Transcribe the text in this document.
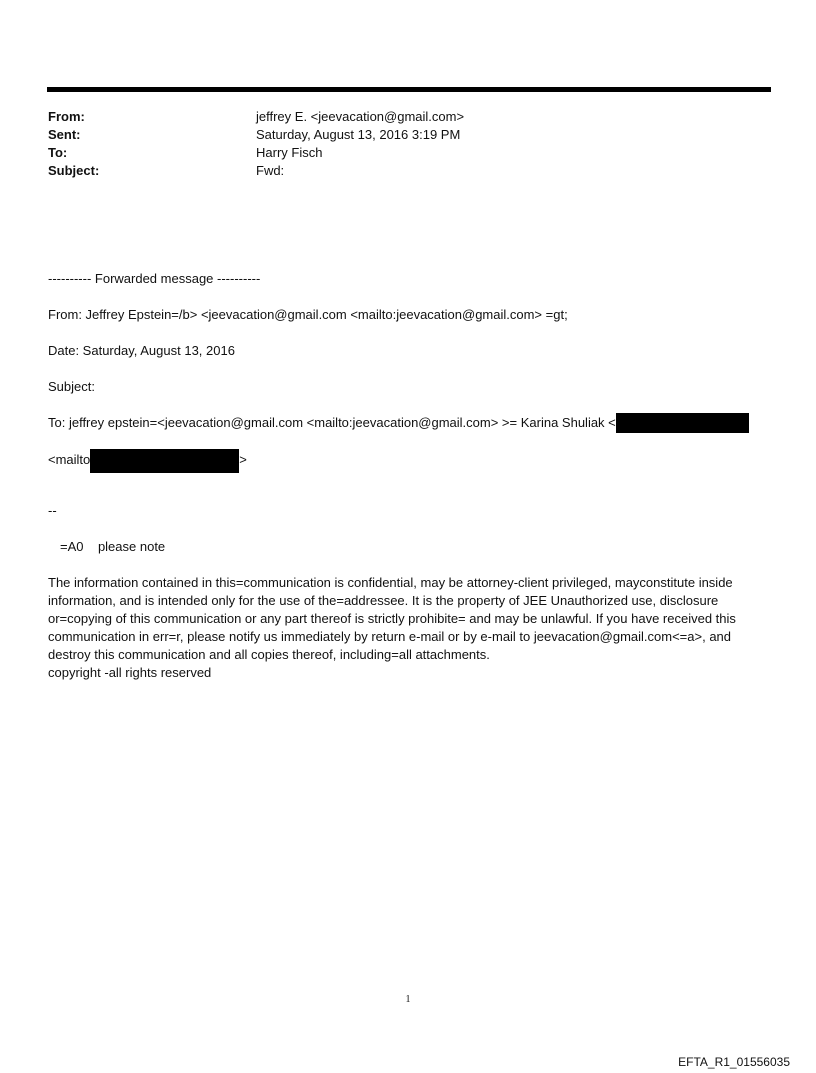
From:	jeffrey E. <jeevacation@gmail.com>
Sent:	Saturday, August 13, 2016 3:19 PM
To:	Harry Fisch
Subject:	Fwd:

---------- Forwarded message ----------

From: Jeffrey Epstein=/b> <jeevacation@gmail.com <mailto:jeevacation@gmail.com> =gt;

Date: Saturday, August 13, 2016

Subject:

To: jeffrey epstein=<jeevacation@gmail.com <mailto:jeevacation@gmail.com> >= Karina Shuliak <

<mailto	>

--
=A0    please note
The information contained in this=communication is confidential, may be attorney-client privileged, mayconstitute inside information, and is intended only for the use of the=addressee. It is the property of JEE Unauthorized use, disclosure or=copying of this communication or any part thereof is strictly prohibite= and may be unlawful. If you have received this communication in err=r, please notify us immediately by return e-mail or by e-mail to jeevacation@gmail.com<=a>, and destroy this communication and all copies thereof, including=all attachments.
copyright -all rights reserved
1
EFTA_R1_01556035
